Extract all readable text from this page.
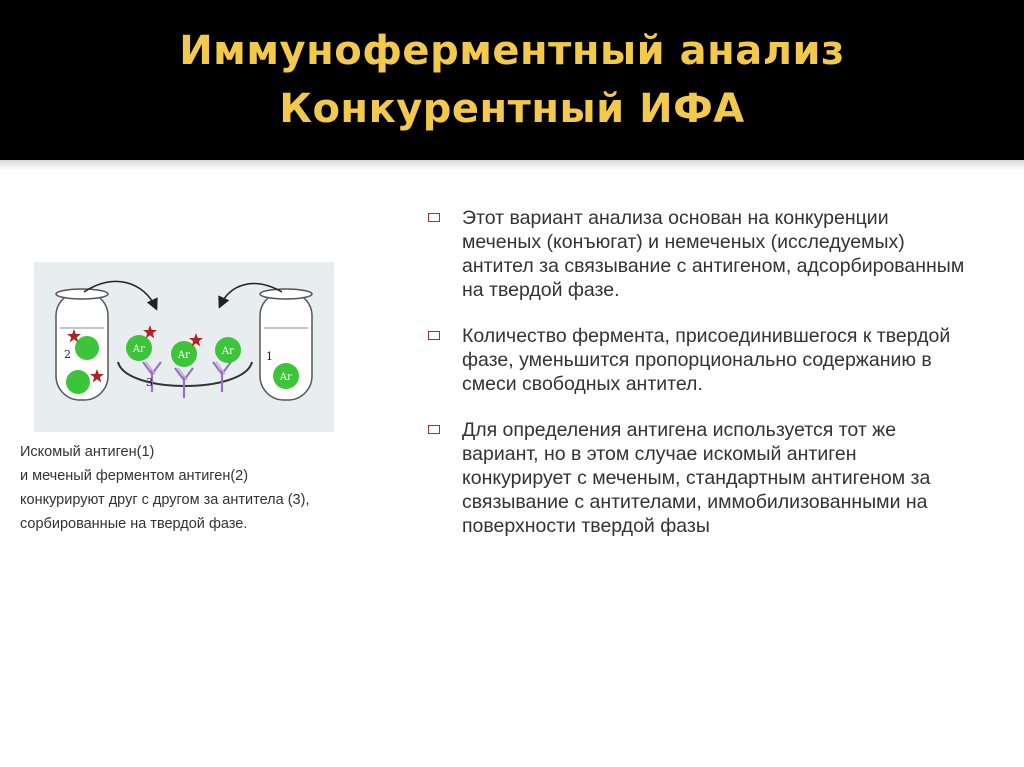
Иммуноферментный анализ
Конкурентный ИФА
Аг
Аг	Аг
Аг
2
3
1
Искомый антиген(1)
и меченый ферментом антиген(2)
конкурируют друг с другом за антитела (3),
сорбированные на твердой фазе.
Этот вариант анализа основан на конкуренции меченых (конъюгат) и немеченых (исследуемых) антител за связывание с антигеном, адсорбированным на твердой фазе.
Количество фермента, присоединившегося к твердой фазе, уменьшится пропорционально содержанию в смеси свободных антител.
Для определения антигена используется тот же вариант, но в этом случае искомый антиген конкурирует с меченым, стандартным антигеном за связывание с антителами, иммобилизованными на поверхности твердой фазы
